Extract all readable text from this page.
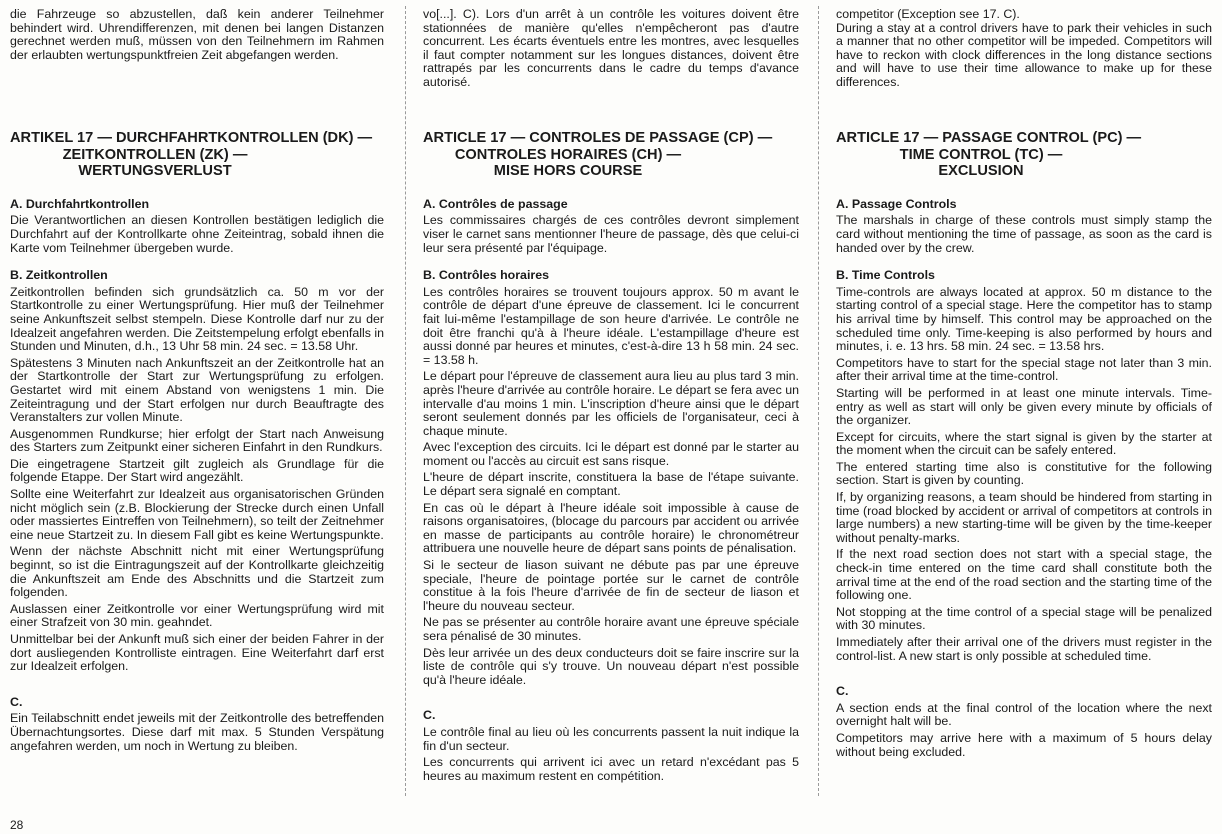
die Fahrzeuge so abzustellen, daß kein anderer Teilnehmer behindert wird. Uhrendifferenzen, mit denen bei langen Distanzen gerechnet werden muß, müssen von den Teilnehmern im Rahmen der erlaubten wertungspunktfreien Zeit abgefangen werden.

ARTIKEL 17 — DURCHFAHRTKONTROLLEN (DK) —
ZEITKONTROLLEN (ZK) —
WERTUNGSVERLUST
A. Durchfahrtkontrollen

Die Verantwortlichen an diesen Kontrollen bestätigen lediglich die Durchfahrt auf der Kontrollkarte ohne Zeiteintrag, sobald ihnen die Karte vom Teilnehmer übergeben wurde.

B. Zeitkontrollen

Zeitkontrollen befinden sich grundsätzlich ca. 50 m vor der Startkontrolle zu einer Wertungsprüfung. Hier muß der Teilnehmer seine Ankunftszeit selbst stempeln. Diese Kontrolle darf nur zu der Idealzeit angefahren werden. Die Zeitstempelung erfolgt ebenfalls in Stunden und Minuten, d.h., 13 Uhr 58 min. 24 sec. = 13.58 Uhr.

Spätestens 3 Minuten nach Ankunftszeit an der Zeitkontrolle hat an der Startkontrolle der Start zur Wertungsprüfung zu erfolgen. Gestartet wird mit einem Abstand von wenigstens 1 min. Die Zeiteintragung und der Start erfolgen nur durch Beauftragte des Veranstalters zur vollen Minute.

Ausgenommen Rundkurse; hier erfolgt der Start nach Anweisung des Starters zum Zeitpunkt einer sicheren Einfahrt in den Rundkurs.

Die eingetragene Startzeit gilt zugleich als Grundlage für die folgende Etappe. Der Start wird angezählt.

Sollte eine Weiterfahrt zur Idealzeit aus organisatorischen Gründen nicht möglich sein (z.B. Blockierung der Strecke durch einen Unfall oder massiertes Eintreffen von Teilnehmern), so teilt der Zeitnehmer eine neue Startzeit zu. In diesem Fall gibt es keine Wertungspunkte.

Wenn der nächste Abschnitt nicht mit einer Wertungsprüfung beginnt, so ist die Eintragungszeit auf der Kontrollkarte gleichzeitig die Ankunftszeit am Ende des Abschnitts und die Startzeit zum folgenden.

Auslassen einer Zeitkontrolle vor einer Wertungsprüfung wird mit einer Strafzeit von 30 min. geahndet.

Unmittelbar bei der Ankunft muß sich einer der beiden Fahrer in der dort ausliegenden Kontrolliste eintragen. Eine Weiterfahrt darf erst zur Idealzeit erfolgen.

C.

Ein Teilabschnitt endet jeweils mit der Zeitkontrolle des betreffenden Übernachtungsortes. Diese darf mit max. 5 Stunden Verspätung angefahren werden, um noch in Wertung zu bleiben.

vo[...]. C). Lors d'un arrêt à un contrôle les voitures doivent être stationnées de manière qu'elles n'empêcheront pas d'autre concurrent. Les écarts éventuels entre les montres, avec lesquelles il faut compter notamment sur les longues distances, doivent être rattrapés par les concurrents dans le cadre du temps d'avance autorisé.

ARTICLE 17 — CONTROLES DE PASSAGE (CP) —
CONTROLES HORAIRES (CH) —
MISE HORS COURSE
A. Contrôles de passage

Les commissaires chargés de ces contrôles devront simplement viser le carnet sans mentionner l'heure de passage, dès que celui-ci leur sera présenté par l'équipage.

B. Contrôles horaires

Les contrôles horaires se trouvent toujours approx. 50 m avant le contrôle de départ d'une épreuve de classement. Ici le concurrent fait lui-même l'estampillage de son heure d'arrivée. Le contrôle ne doit être franchi qu'à à l'heure idéale. L'estampillage d'heure est aussi donné par heures et minutes, c'est-à-dire 13 h 58 min. 24 sec. = 13.58 h.

Le départ pour l'épreuve de classement aura lieu au plus tard 3 min. après l'heure d'arrivée au contrôle horaire. Le départ se fera avec un intervalle d'au moins 1 min. L'inscription d'heure ainsi que le départ seront seulement donnés par les officiels de l'organisateur, ceci à chaque minute.

Avec l'exception des circuits. Ici le départ est donné par le starter au moment ou l'accès au circuit est sans risque.

L'heure de départ inscrite, constituera la base de l'étape suivante. Le départ sera signalé en comptant.

En cas où le départ à l'heure idéale soit impossible à cause de raisons organisatoires, (blocage du parcours par accident ou arrivée en masse de participants au contrôle horaire) le chronométreur attribuera une nouvelle heure de départ sans points de pénalisation.

Si le secteur de liason suivant ne débute pas par une épreuve speciale, l'heure de pointage portée sur le carnet de contrôle constitue à la fois l'heure d'arrivée de fin de secteur de liason et l'heure du nouveau secteur.

Ne pas se présenter au contrôle horaire avant une épreuve spéciale sera pénalisé de 30 minutes.

Dès leur arrivée un des deux conducteurs doit se faire inscrire sur la liste de contrôle qui s'y trouve. Un nouveau départ n'est possible qu'à l'heure idéale.

C.

Le contrôle final au lieu où les concurrents passent la nuit indique la fin d'un secteur.

Les concurrents qui arrivent ici avec un retard n'excédant pas 5 heures au maximum restent en compétition.

competitor (Exception see 17. C).

During a stay at a control drivers have to park their vehicles in such a manner that no other competitor will be impeded. Competitors will have to reckon with clock differences in the long distance sections and will have to use their time allowance to make up for these differences.

ARTICLE 17 — PASSAGE CONTROL (PC) —
TIME CONTROL (TC) —
EXCLUSION
A. Passage Controls

The marshals in charge of these controls must simply stamp the card without mentioning the time of passage, as soon as the card is handed over by the crew.

B. Time Controls

Time-controls are always located at approx. 50 m distance to the starting control of a special stage. Here the competitor has to stamp his arrival time by himself. This control may be approached on the scheduled time only. Time-keeping is also performed by hours and minutes, i. e. 13 hrs. 58 min. 24 sec. = 13.58 hrs.

Competitors have to start for the special stage not later than 3 min. after their arrival time at the time-control.

Starting will be performed in at least one minute intervals. Time-entry as well as start will only be given every minute by officials of the organizer.

Except for circuits, where the start signal is given by the starter at the moment when the circuit can be safely entered.

The entered starting time also is constitutive for the following section. Start is given by counting.

If, by organizing reasons, a team should be hindered from starting in time (road blocked by accident or arrival of competitors at controls in large numbers) a new starting-time will be given by the time-keeper without penalty-marks.

If the next road section does not start with a special stage, the check-in time entered on the time card shall constitute both the arrival time at the end of the road section and the starting time of the following one.

Not stopping at the time control of a special stage will be penalized with 30 minutes.

Immediately after their arrival one of the drivers must register in the control-list. A new start is only possible at scheduled time.

C.

A section ends at the final control of the location where the next overnight halt will be.

Competitors may arrive here with a maximum of 5 hours delay without being excluded.

28
